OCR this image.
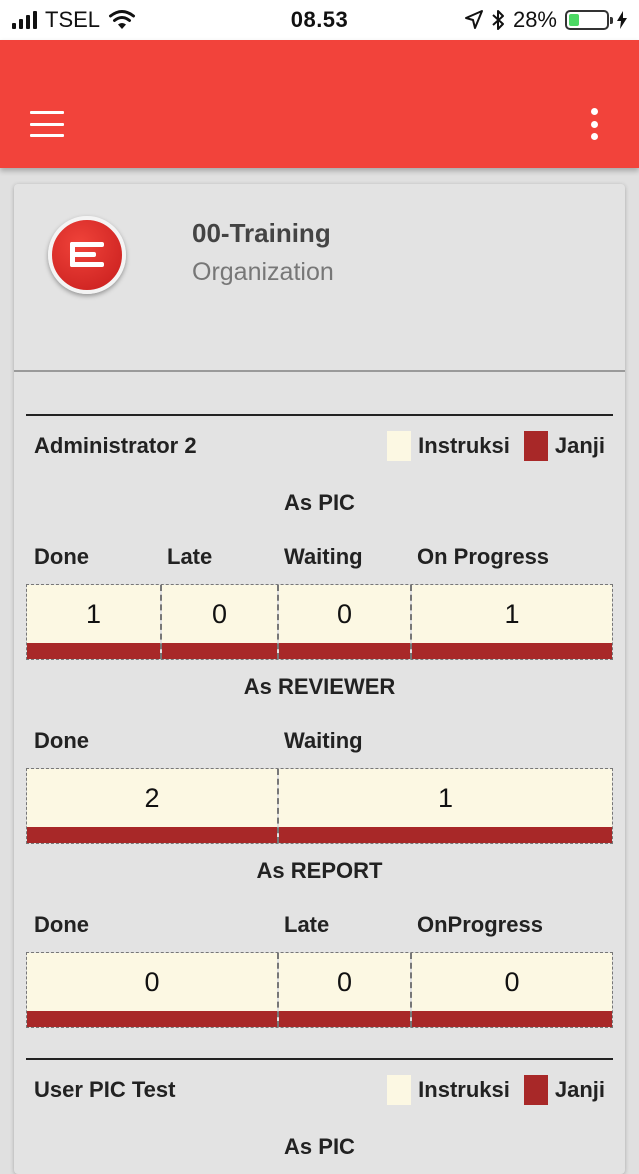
TSEL	08.53	28%
00-Training
Organization
Administrator 2	Instruksi Janji
As PIC
Done	Late	Waiting	On Progress
1	0	0	1
As REVIEWER
Done	Waiting
2	1
As REPORT
Done	Late	OnProgress
0	0	0
User PIC Test	Instruksi Janji
As PIC
